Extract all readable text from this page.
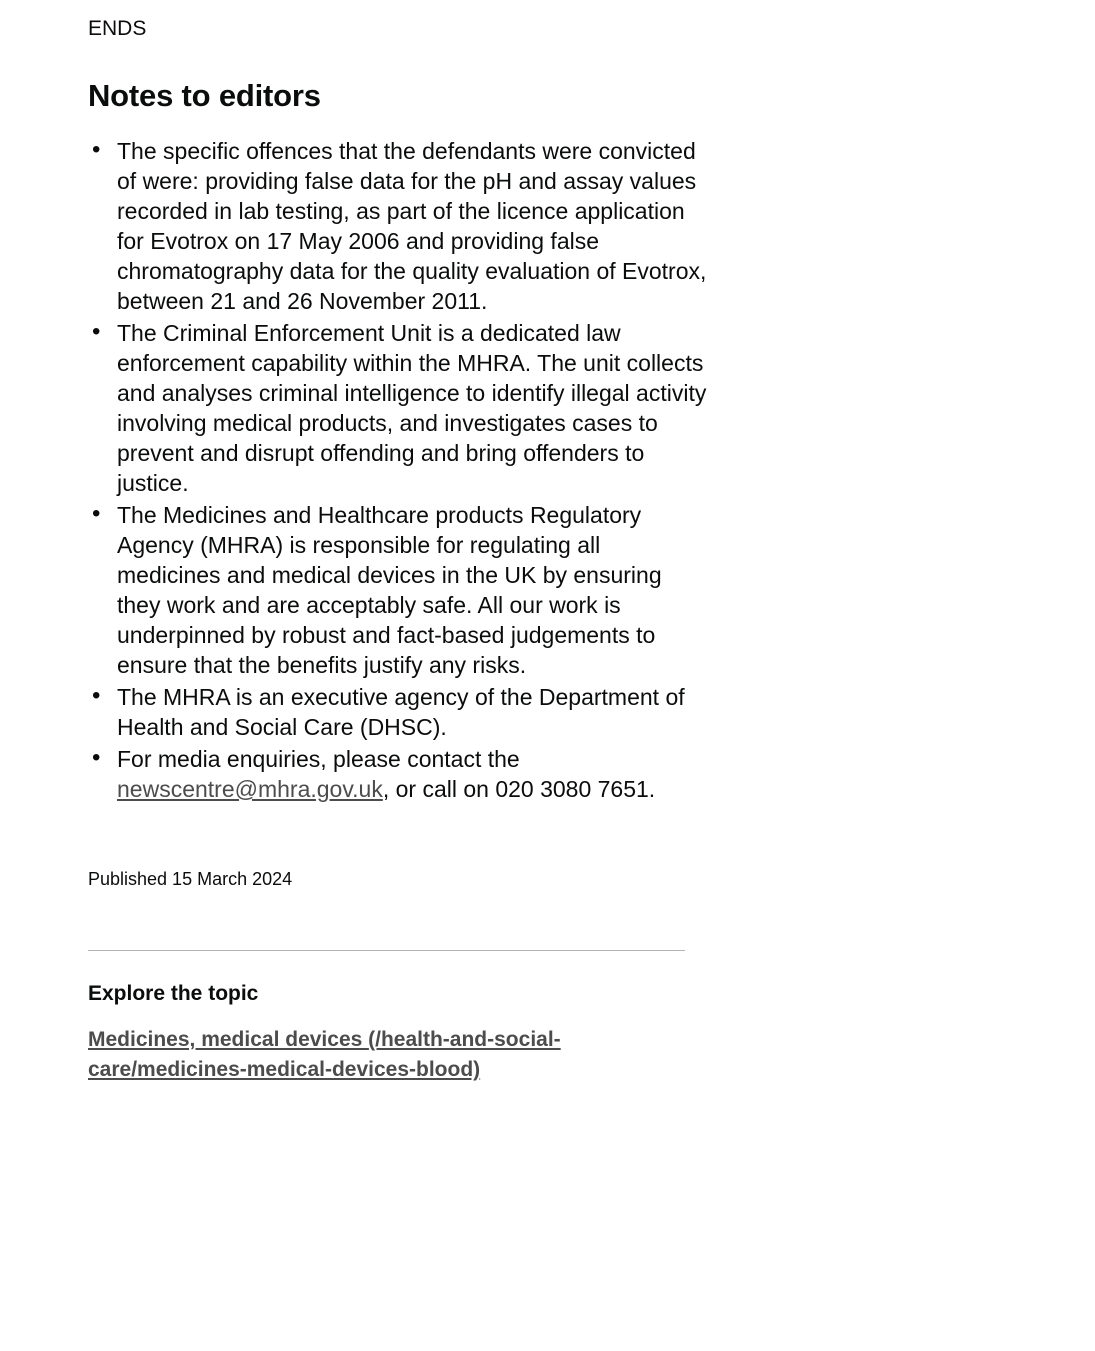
ENDS

Notes to editors
• The specific offences that the defendants were convicted of were: providing false data for the pH and assay values recorded in lab testing, as part of the licence application for Evotrox on 17 May 2006 and providing false chromatography data for the quality evaluation of Evotrox, between 21 and 26 November 2011.
• The Criminal Enforcement Unit is a dedicated law enforcement capability within the MHRA. The unit collects and analyses criminal intelligence to identify illegal activity involving medical products, and investigates cases to prevent and disrupt offending and bring offenders to justice.
• The Medicines and Healthcare products Regulatory Agency (MHRA) is responsible for regulating all medicines and medical devices in the UK by ensuring they work and are acceptably safe. All our work is underpinned by robust and fact-based judgements to ensure that the benefits justify any risks.
• The MHRA is an executive agency of the Department of Health and Social Care (DHSC).
• For media enquiries, please contact the newscentre@mhra.gov.uk, or call on 020 3080 7651.

Published 15 March 2024

Explore the topic
Medicines, medical devices (/health-and-social-care/medicines-medical-devices-blood)
